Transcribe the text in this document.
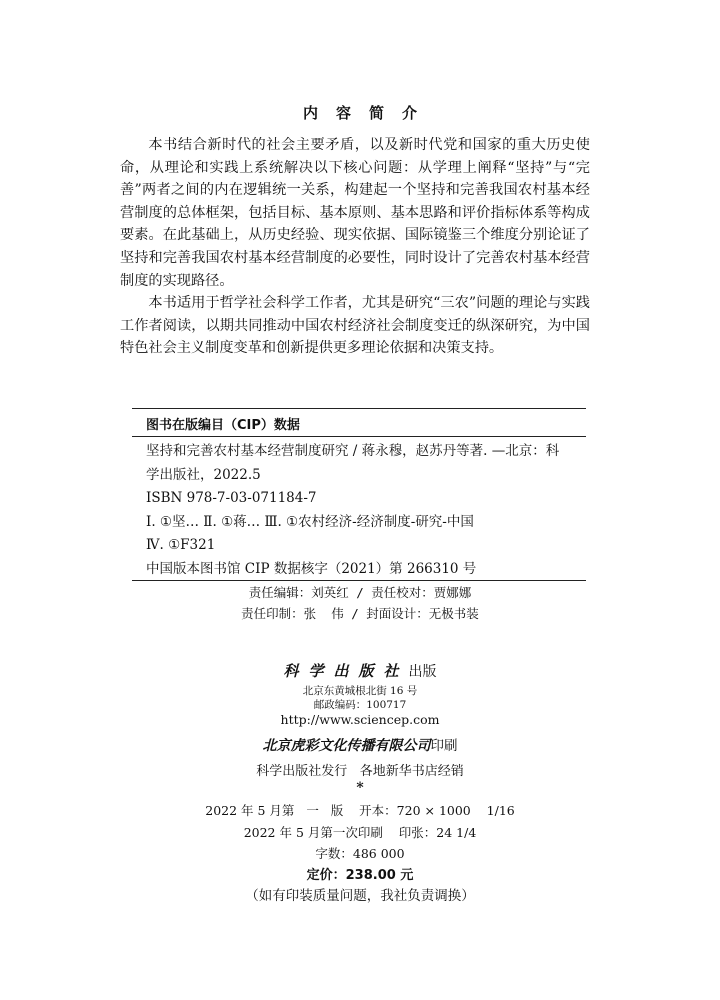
内容简介

本书结合新时代的社会主要矛盾，以及新时代党和国家的重大历史使命，从理论和实践上系统解决以下核心问题：从学理上阐释“坚持”与“完善”两者之间的内在逻辑统一关系，构建起一个坚持和完善我国农村基本经营制度的总体框架，包括目标、基本原则、基本思路和评价指标体系等构成要素。在此基础上，从历史经验、现实依据、国际镜鉴三个维度分别论证了坚持和完善我国农村基本经营制度的必要性，同时设计了完善农村基本经营制度的实现路径。

本书适用于哲学社会科学工作者，尤其是研究“三农”问题的理论与实践工作者阅读，以期共同推动中国农村经济社会制度变迁的纵深研究，为中国特色社会主义制度变革和创新提供更多理论依据和决策支持。

图书在版编目（CIP）数据
坚持和完善农村基本经营制度研究 / 蒋永穆，赵苏丹等著. —北京：科
学出版社，2022.5
ISBN 978-7-03-071184-7
Ⅰ. ①坚… Ⅱ. ①蒋… Ⅲ. ①农村经济-经济制度-研究-中国
Ⅳ. ①F321
中国版本图书馆 CIP 数据核字（2021）第 266310 号
责任编辑：刘英红 / 责任校对：贾娜娜
责任印制：张  伟 / 封面设计：无极书装
科学出版社出版
北京东黄城根北街 16 号
邮政编码：100717
http://www.sciencep.com
北京虎彩文化传播有限公司印刷
科学出版社发行   各地新华书店经销
*
2022 年 5 月第   一   版    开本：720 × 1000    1/16
2022 年 5 月第一次印刷    印张：24 1/4
字数：486 000
定价：238.00 元
（如有印装质量问题，我社负责调换）
